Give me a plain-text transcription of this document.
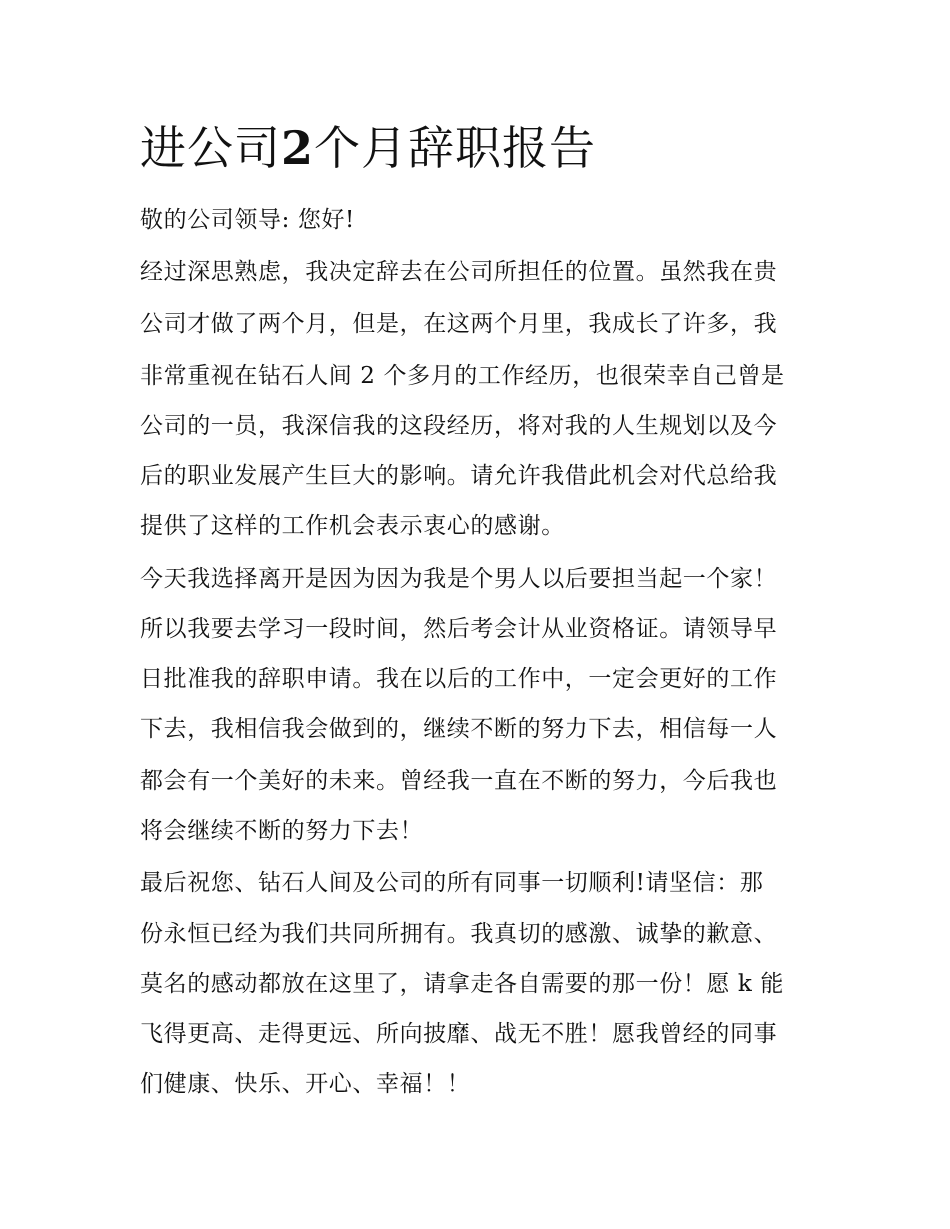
进公司2个月辞职报告

敬的公司领导: 您好!

经过深思熟虑，我决定辞去在公司所担任的位置。虽然我在贵

公司才做了两个月，但是，在这两个月里，我成长了许多，我

非常重视在钻石人间 2 个多月的工作经历，也很荣幸自己曾是

公司的一员，我深信我的这段经历，将对我的人生规划以及今

后的职业发展产生巨大的影响。请允许我借此机会对代总给我

提供了这样的工作机会表示衷心的感谢。

今天我选择离开是因为因为我是个男人以后要担当起一个家！

所以我要去学习一段时间，然后考会计从业资格证。请领导早

日批准我的辞职申请。我在以后的工作中，一定会更好的工作

下去，我相信我会做到的，继续不断的努力下去，相信每一人

都会有一个美好的未来。曾经我一直在不断的努力，今后我也

将会继续不断的努力下去！

最后祝您、钻石人间及公司的所有同事一切顺利!请坚信：那

份永恒已经为我们共同所拥有。我真切的感激、诚挚的歉意、

莫名的感动都放在这里了，请拿走各自需要的那一份！愿 k 能

飞得更高、走得更远、所向披靡、战无不胜！愿我曾经的同事

们健康、快乐、开心、幸福！！
